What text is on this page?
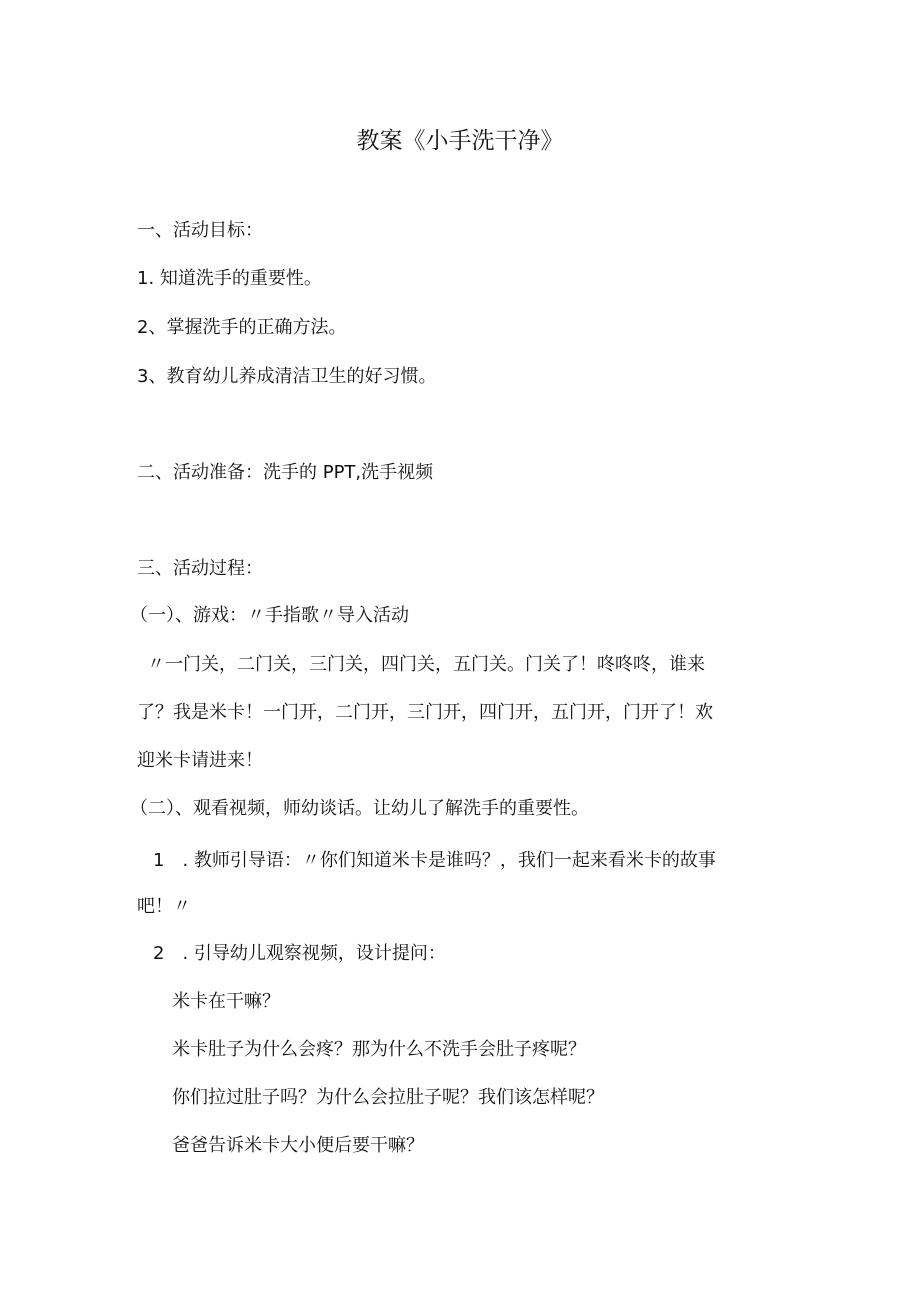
教案《小手洗干净》
一、活动目标：
1. 知道洗手的重要性。
2、掌握洗手的正确方法。
3、教育幼儿养成清洁卫生的好习惯。
二、活动准备：洗手的 PPT,洗手视频
三、活动过程：
（一）、游戏：〃手指歌〃导入活动
〃一门关，二门关，三门关，四门关，五门关。门关了！咚咚咚，谁来
了？我是米卡！一门开，二门开，三门开，四门开，五门开，门开了！欢
迎米卡请进来！
（二）、观看视频，师幼谈话。让幼儿了解洗手的重要性。
1　. 教师引导语：〃你们知道米卡是谁吗？，我们一起来看米卡的故事
吧！〃
2　. 引导幼儿观察视频，设计提问：
米卡在干嘛？
米卡肚子为什么会疼？那为什么不洗手会肚子疼呢？
你们拉过肚子吗？为什么会拉肚子呢？我们该怎样呢？
爸爸告诉米卡大小便后要干嘛？
